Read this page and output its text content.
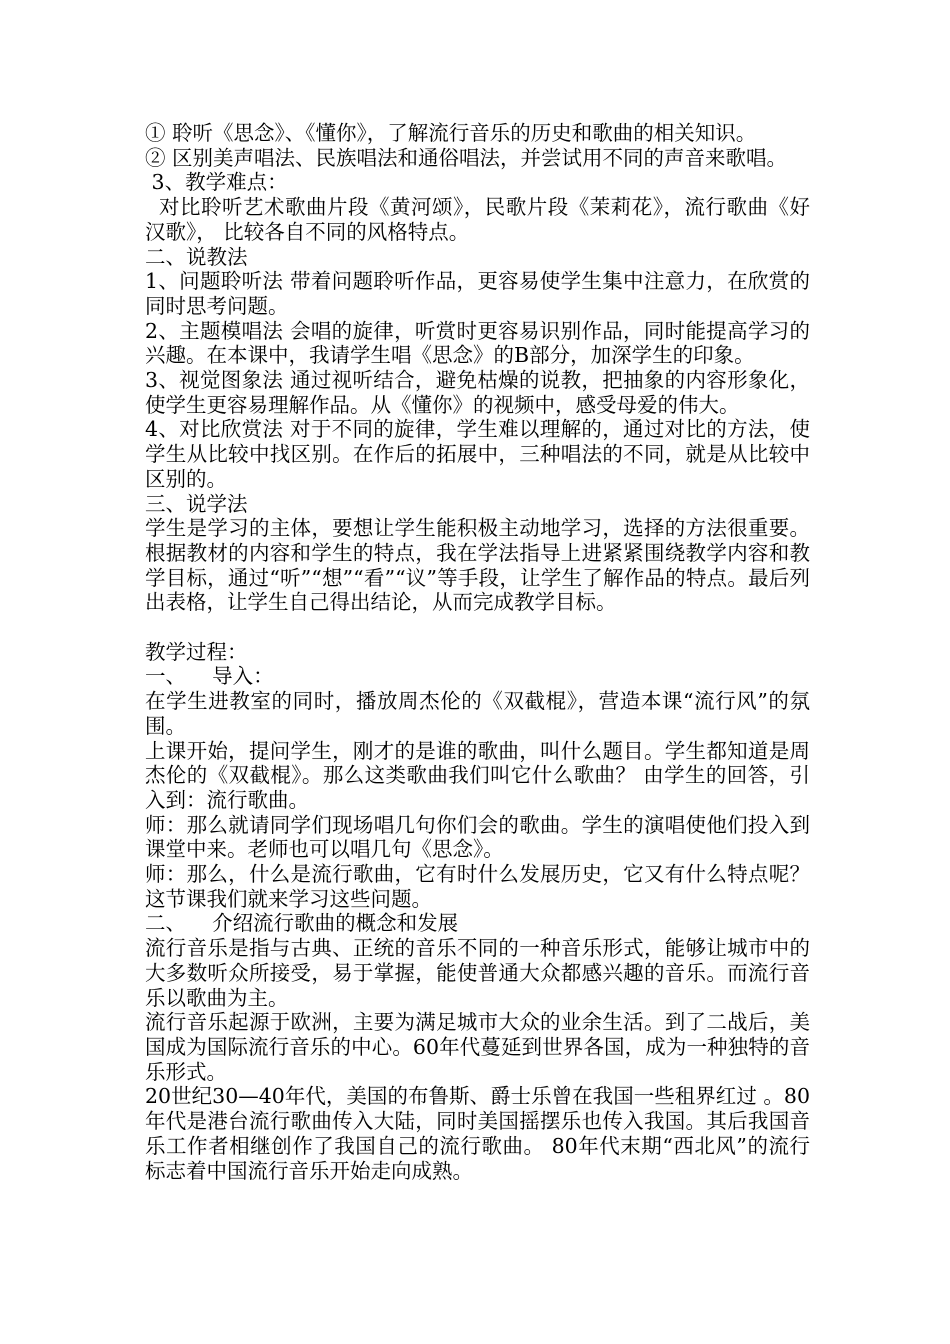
① 聆听《思念》、《懂你》，了解流行音乐的历史和歌曲的相关知识。

② 区别美声唱法、民族唱法和通俗唱法，并尝试用不同的声音来歌唱。

3、教学难点：

对比聆听艺术歌曲片段《黄河颂》，民歌片段《茉莉花》，流行歌曲《好汉歌》， 比较各自不同的风格特点。

二、说教法

1、问题聆听法 带着问题聆听作品，更容易使学生集中注意力，在欣赏的同时思考问题。

2、主题模唱法 会唱的旋律，听赏时更容易识别作品，同时能提高学习的兴趣。在本课中，我请学生唱《思念》的B部分，加深学生的印象。

3、视觉图象法 通过视听结合，避免枯燥的说教，把抽象的内容形象化，使学生更容易理解作品。从《懂你》的视频中，感受母爱的伟大。

4、对比欣赏法 对于不同的旋律，学生难以理解的，通过对比的方法，使学生从比较中找区别。在作后的拓展中，三种唱法的不同，就是从比较中区别的。

三、说学法

学生是学习的主体，要想让学生能积极主动地学习，选择的方法很重要。根据教材的内容和学生的特点，我在学法指导上进紧紧围绕教学内容和教学目标，通过“听”“想”“看”“议”等手段，让学生了解作品的特点。最后列出表格，让学生自己得出结论，从而完成教学目标。

教学过程：

一、    导入：

在学生进教室的同时，播放周杰伦的《双截棍》，营造本课“流行风”的氛围。

上课开始，提问学生，刚才的是谁的歌曲，叫什么题目。学生都知道是周杰伦的《双截棍》。那么这类歌曲我们叫它什么歌曲？ 由学生的回答，引入到：流行歌曲。

师：那么就请同学们现场唱几句你们会的歌曲。学生的演唱使他们投入到课堂中来。老师也可以唱几句《思念》。

师：那么，什么是流行歌曲，它有时什么发展历史，它又有什么特点呢？这节课我们就来学习这些问题。

二、    介绍流行歌曲的概念和发展

流行音乐是指与古典、正统的音乐不同的一种音乐形式，能够让城市中的大多数听众所接受，易于掌握，能使普通大众都感兴趣的音乐。而流行音乐以歌曲为主。

流行音乐起源于欧洲，主要为满足城市大众的业余生活。到了二战后，美国成为国际流行音乐的中心。60年代蔓延到世界各国，成为一种独特的音乐形式。

20世纪30—40年代，美国的布鲁斯、爵士乐曾在我国一些租界红过 。80年代是港台流行歌曲传入大陆，同时美国摇摆乐也传入我国。其后我国音乐工作者相继创作了我国自己的流行歌曲。 80年代末期“西北风”的流行标志着中国流行音乐开始走向成熟。
